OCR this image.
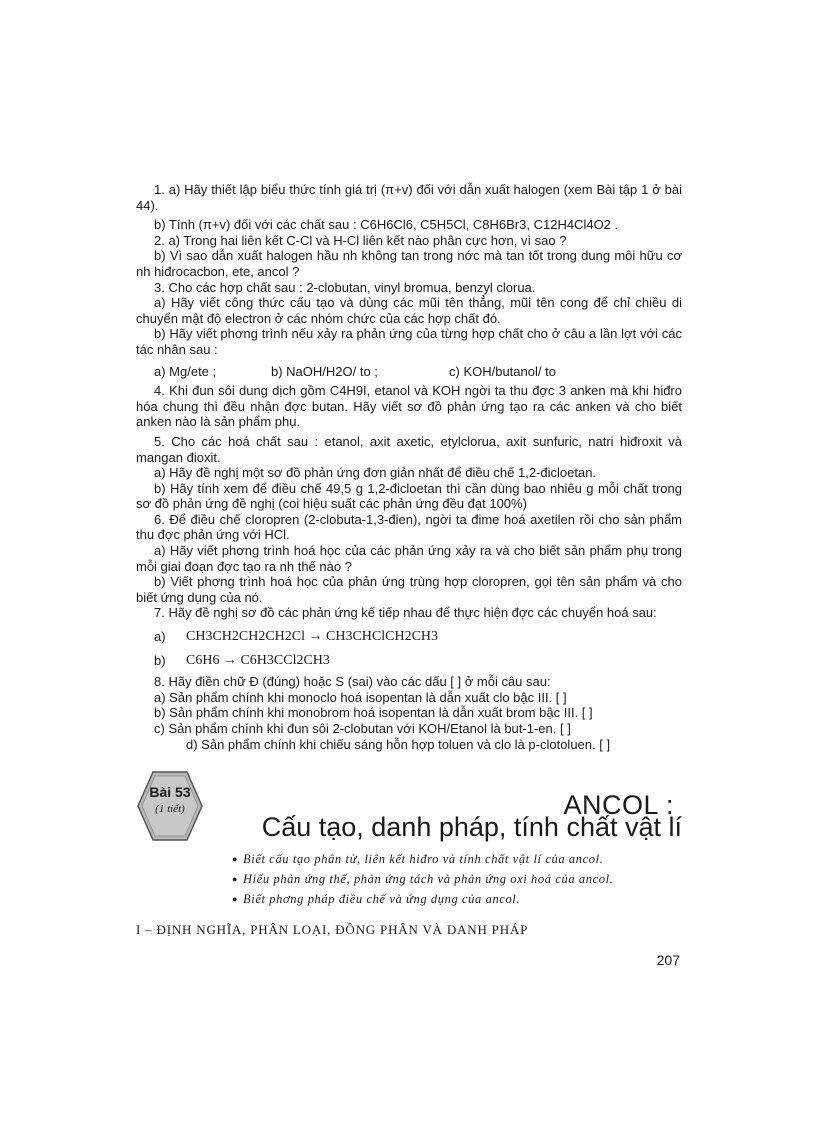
1. a) Hãy thiết lập biểu thức tính giá trị (π+v) đối với dẫn xuất halogen (xem Bài tập 1 ở bài 44).

b) Tính (π+v) đối với các chất sau : C6H6Cl6, C5H5Cl, C8H6Br3, C12H4Cl4O2 .

2. a) Trong hai liên kết C-Cl và H-Cl liên kết nào phân cực hơn, vì sao ?

b) Vì sao dẫn xuất halogen hầu nh không tan trong nớc mà tan tốt trong dung môi hữu cơ nh hiđrocacbon, ete, ancol ?

3. Cho các hợp chất sau : 2-clobutan, vinyl bromua, benzyl clorua.

a) Hãy viết công thức cấu tạo và dùng các mũi tên thẳng, mũi tên cong để chỉ chiều di chuyển mật độ electron ở các nhóm chức của các hợp chất đó.

b) Hãy viết phơng trình nếu xảy ra phản ứng của từng hợp chất cho ở câu a lần lợt với các tác nhân sau :

a) Mg/ete ;	b) NaOH/H2O/ to ;	c) KOH/butanol/ to

4. Khi đun sôi dung dịch gồm C4H9I, etanol và KOH ngời ta thu đợc 3 anken mà khi hiđro hóa chung thì đều nhận đợc butan. Hãy viết sơ đồ phản ứng tạo ra các anken và cho biết anken nào là sản phẩm phụ.

5. Cho các hoá chất sau : etanol, axit axetic, etylclorua, axit sunfuric, natri hiđroxit và mangan đioxit.

a) Hãy đề nghị một sơ đồ phản ứng đơn giản nhất để điều chế 1,2-đicloetan.

b) Hãy tính xem để điều chế 49,5 g 1,2-đicloetan thì cần dùng bao nhiêu g mỗi chất trong sơ đồ phản ứng đề nghị (coi hiệu suất các phản ứng đều đạt 100%)

6. Để điều chế cloropren (2-clobuta-1,3-đien), ngời ta đime hoá axetilen rồi cho sản phẩm thu đợc phản ứng với HCl.

a) Hãy viết phơng trình hoá học của các phản ứng xảy ra và cho biết sản phẩm phụ trong mỗi giai đoạn đợc tạo ra nh thế nào ?

b) Viết phơng trình hoá học của phản ứng trùng hợp cloropren, gọi tên sản phẩm và cho biết ứng dụng của nó.

7. Hãy đề nghị sơ đồ các phản ứng kế tiếp nhau để thực hiện đợc các chuyển hoá sau:

a)	CH3CH2CH2CH2Cl → CH3CHClCH2CH3
b)	C6H6 → C6H3CCl2CH3

8. Hãy điền chữ Đ (đúng) hoặc S (sai) vào các dấu [ ] ở mỗi câu sau:

a) Sản phẩm chính khi monoclo hoá isopentan là dẫn xuất clo bậc III. [ ]

b) Sản phẩm chính khi monobrom hoá isopentan là dẫn xuất brom bậc III. [ ]

c) Sản phẩm chính khi đun sôi 2-clobutan với KOH/Etanol là but-1-en. [ ]

d) Sản phẩm chính khi chiếu sáng hỗn hợp toluen và clo là p-clotoluen. [ ]

Bài 53
(1 tiết)	ANCOL :
Cấu tạo, danh pháp, tính chất vật lí
● Biết cấu tạo phân tử, liên kết hiđro và tính chất vật lí của ancol.
● Hiểu phản ứng thế, phản ứng tách và phản ứng oxi hoá của ancol.
● Biết phơng pháp điều chế và ứng dụng của ancol.
I – ĐỊNH NGHĨA, PHÂN LOẠI, ĐỒNG PHÂN VÀ DANH PHÁP
207
